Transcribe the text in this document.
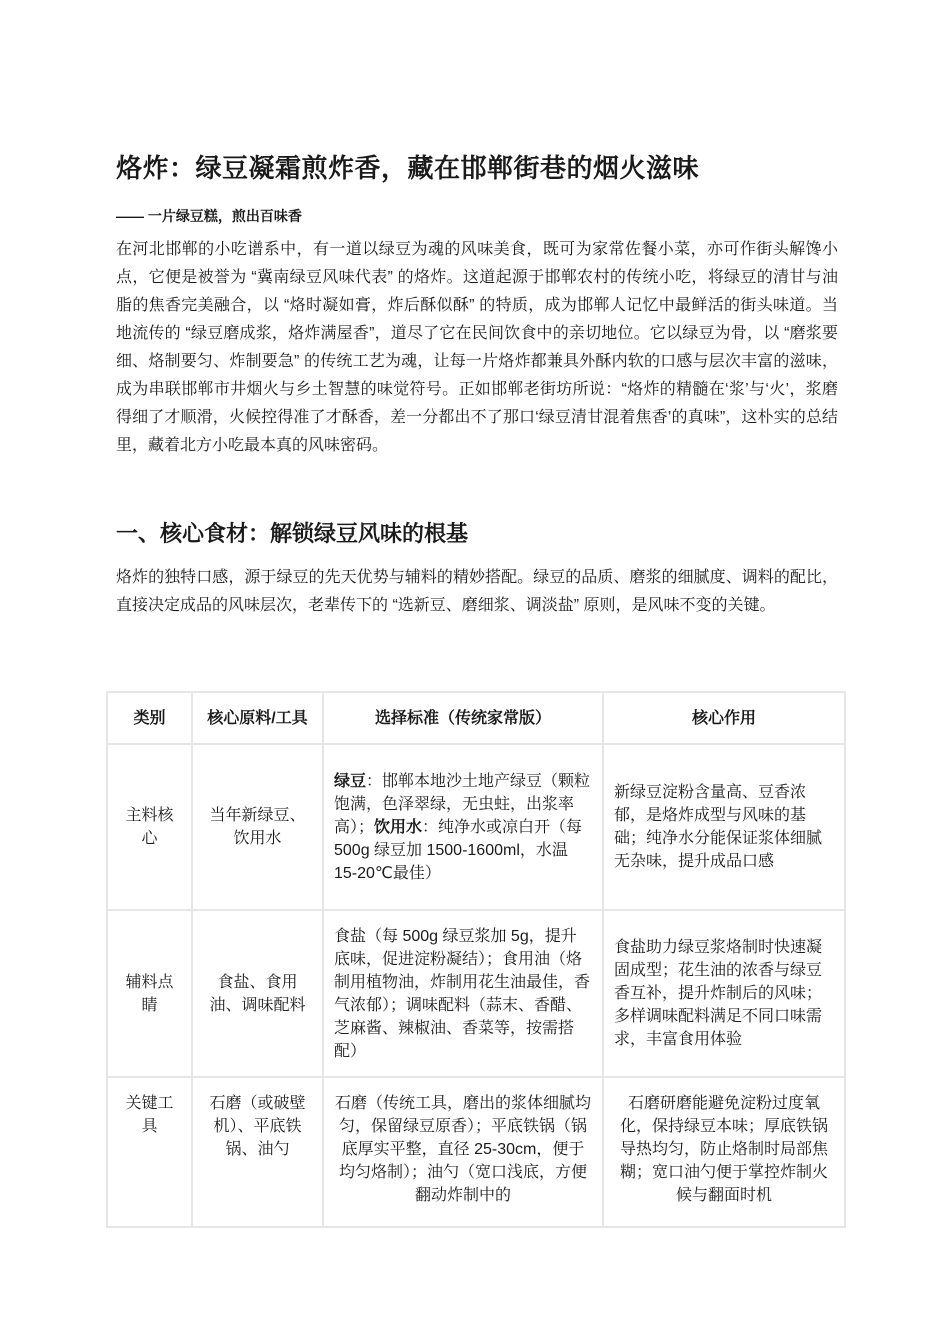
烙炸：绿豆凝霜煎炸香，藏在邯郸街巷的烟火滋味

—— 一片绿豆糕，煎出百味香

在河北邯郸的小吃谱系中，有一道以绿豆为魂的风味美食，既可为家常佐餐小菜，亦可作街头解馋小点，它便是被誉为 “冀南绿豆风味代表” 的烙炸。这道起源于邯郸农村的传统小吃，将绿豆的清甘与油脂的焦香完美融合，以 “烙时凝如膏，炸后酥似酥” 的特质，成为邯郸人记忆中最鲜活的街头味道。当地流传的 “绿豆磨成浆，烙炸满屋香”，道尽了它在民间饮食中的亲切地位。它以绿豆为骨，以 “磨浆要细、烙制要匀、炸制要急” 的传统工艺为魂，让每一片烙炸都兼具外酥内软的口感与层次丰富的滋味，成为串联邯郸市井烟火与乡土智慧的味觉符号。正如邯郸老街坊所说：“烙炸的精髓在‘浆’与‘火’，浆磨得细了才顺滑，火候控得准了才酥香，差一分都出不了那口‘绿豆清甘混着焦香’的真味”，这朴实的总结里，藏着北方小吃最本真的风味密码。

一、核心食材：解锁绿豆风味的根基

烙炸的独特口感，源于绿豆的先天优势与辅料的精妙搭配。绿豆的品质、磨浆的细腻度、调料的配比，直接决定成品的风味层次，老辈传下的 “选新豆、磨细浆、调淡盐” 原则，是风味不变的关键。

类别	核心原料/工具	选择标准（传统家常版）	核心作用
主料核心	当年新绿豆、饮用水	绿豆：邯郸本地沙土地产绿豆（颗粒饱满，色泽翠绿，无虫蛀，出浆率高）；饮用水：纯净水或凉白开（每 500g 绿豆加 1500-1600ml，水温 15-20℃最佳）	新绿豆淀粉含量高、豆香浓郁，是烙炸成型与风味的基础；纯净水分能保证浆体细腻无杂味，提升成品口感
辅料点睛	食盐、食用油、调味配料	食盐（每 500g 绿豆浆加 5g，提升底味，促进淀粉凝结）；食用油（烙制用植物油，炸制用花生油最佳，香气浓郁）；调味配料（蒜末、香醋、芝麻酱、辣椒油、香菜等，按需搭配）	食盐助力绿豆浆烙制时快速凝固成型；花生油的浓香与绿豆香互补，提升炸制后的风味；多样调味配料满足不同口味需求，丰富食用体验
关键工具	石磨（或破壁机）、平底铁锅、油勺	石磨（传统工具，磨出的浆体细腻均匀，保留绿豆原香）；平底铁锅（锅底厚实平整，直径 25-30cm，便于均匀烙制）；油勺（宽口浅底，方便翻动炸制中的	石磨研磨能避免淀粉过度氧化，保持绿豆本味；厚底铁锅导热均匀，防止烙制时局部焦糊；宽口油勺便于掌控炸制火候与翻面时机
